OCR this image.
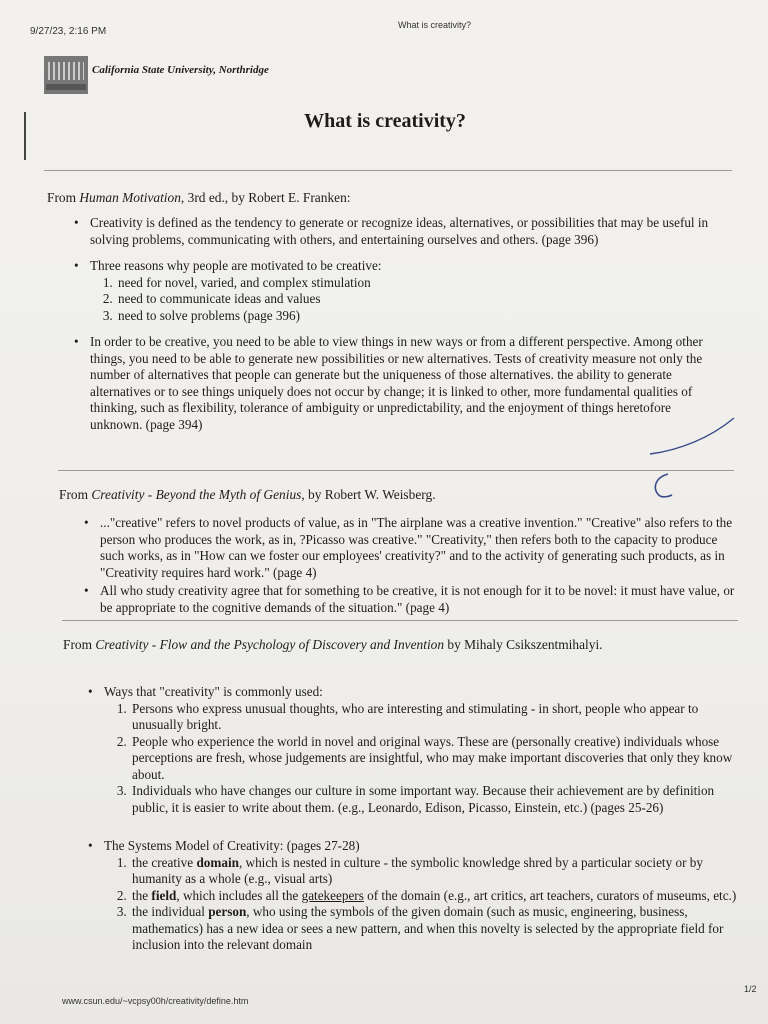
9/27/23, 2:16 PM
What is creativity?
California State University, Northridge
What is creativity?
From Human Motivation, 3rd ed., by Robert E. Franken:
• Creativity is defined as the tendency to generate or recognize ideas, alternatives, or possibilities that may be useful in solving problems, communicating with others, and entertaining ourselves and others. (page 396)
• Three reasons why people are motivated to be creative:
1. need for novel, varied, and complex stimulation
2. need to communicate ideas and values
3. need to solve problems (page 396)
• In order to be creative, you need to be able to view things in new ways or from a different perspective. Among other things, you need to be able to generate new possibilities or new alternatives. Tests of creativity measure not only the number of alternatives that people can generate but the uniqueness of those alternatives. the ability to generate alternatives or to see things uniquely does not occur by change; it is linked to other, more fundamental qualities of thinking, such as flexibility, tolerance of ambiguity or unpredictability, and the enjoyment of things heretofore unknown. (page 394)
From Creativity - Beyond the Myth of Genius, by Robert W. Weisberg.
• ..."creative" refers to novel products of value, as in "The airplane was a creative invention." "Creative" also refers to the person who produces the work, as in, ?Picasso was creative." "Creativity," then refers both to the capacity to produce such works, as in "How can we foster our employees' creativity?" and to the activity of generating such products, as in "Creativity requires hard work." (page 4)
• All who study creativity agree that for something to be creative, it is not enough for it to be novel: it must have value, or be appropriate to the cognitive demands of the situation." (page 4)
From Creativity - Flow and the Psychology of Discovery and Invention by Mihaly Csikszentmihalyi.
• Ways that "creativity" is commonly used:
1. Persons who express unusual thoughts, who are interesting and stimulating - in short, people who appear to unusually bright.
2. People who experience the world in novel and original ways. These are (personally creative) individuals whose perceptions are fresh, whose judgements are insightful, who may make important discoveries that only they know about.
3. Individuals who have changes our culture in some important way. Because their achievement are by definition public, it is easier to write about them. (e.g., Leonardo, Edison, Picasso, Einstein, etc.) (pages 25-26)
• The Systems Model of Creativity: (pages 27-28)
1. the creative domain, which is nested in culture - the symbolic knowledge shred by a particular society or by humanity as a whole (e.g., visual arts)
2. the field, which includes all the gatekeepers of the domain (e.g., art critics, art teachers, curators of museums, etc.)
3. the individual person, who using the symbols of the given domain (such as music, engineering, business, mathematics) has a new idea or sees a new pattern, and when this novelty is selected by the appropriate field for inclusion into the relevant domain
www.csun.edu/~vcpsy00h/creativity/define.htm
1/2
